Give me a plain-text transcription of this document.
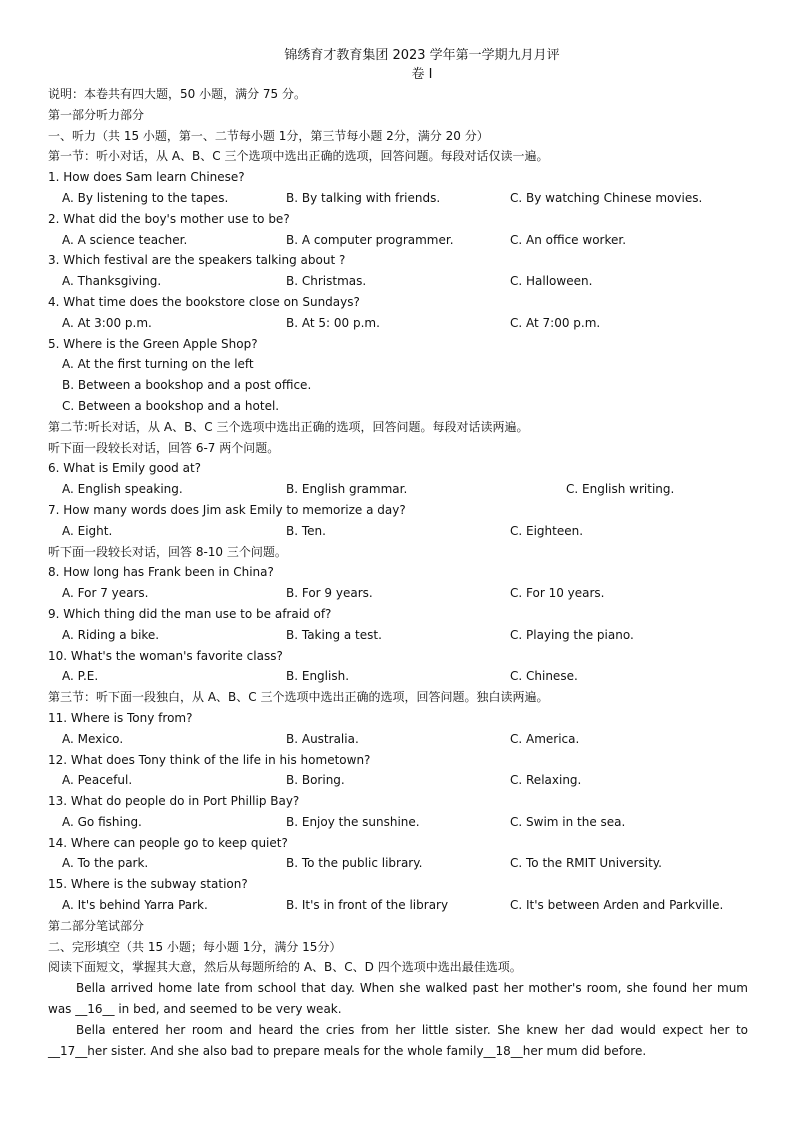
锦绣育才教育集团 2023 学年第一学期九月月评
卷 I
说明：本卷共有四大题，50 小题，满分 75 分。
第一部分听力部分
一、听力（共 15 小题，第一、二节每小题 1分，第三节每小题 2分，满分 20 分）
第一节：听小对话，从 A、B、C 三个选项中选出正确的选项，回答问题。每段对话仅读一遍。
1. How does Sam learn Chinese?
A. By listening to the tapes.	B. By talking with friends.	C. By watching Chinese movies.
2. What did the boy's mother use to be?
A. A science teacher.	B. A computer programmer.	C. An office worker.
3. Which festival are the speakers talking about ?
A. Thanksgiving.	B. Christmas.	C. Halloween.
4. What time does the bookstore close on Sundays?
A. At 3:00 p.m.	B. At 5: 00 p.m.	C. At 7:00 p.m.
5. Where is the Green Apple Shop?
A. At the first turning on the left
B. Between a bookshop and a post office.
C. Between a bookshop and a hotel.
第二节:听长对话，从 A、B、C 三个选项中选出正确的选项，回答问题。每段对话读两遍。
听下面一段较长对话，回答 6-7 两个问题。
6. What is Emily good at?
A. English speaking.	B. English grammar.	C. English writing.
7. How many words does Jim ask Emily to memorize a day?
A. Eight.	B. Ten.	C. Eighteen.
听下面一段较长对话，回答 8-10 三个问题。
8. How long has Frank been in China?
A. For 7 years.	B. For 9 years.	C. For 10 years.
9. Which thing did the man use to be afraid of?
A. Riding a bike.	B. Taking a test.	C. Playing the piano.
10. What's the woman's favorite class?
A. P.E.	B. English.	C. Chinese.
第三节：听下面一段独白，从 A、B、C 三个选项中选出正确的选项，回答问题。独白读两遍。
11. Where is Tony from?
A. Mexico.	B. Australia.	C. America.
12. What does Tony think of the life in his hometown?
A. Peaceful.	B. Boring.	C. Relaxing.
13. What do people do in Port Phillip Bay?
A. Go fishing.	B. Enjoy the sunshine.	C. Swim in the sea.
14. Where can people go to keep quiet?
A. To the park.	B. To the public library.	C. To the RMIT University.
15. Where is the subway station?
A. It's behind Yarra Park.	B. It's in front of the library	C. It's between Arden and Parkville.
第二部分笔试部分
二、完形填空（共 15 小题；每小题 1分，满分 15分）
阅读下面短文，掌握其大意，然后从每题所给的 A、B、C、D 四个选项中选出最佳选项。
Bella arrived home late from school that day. When she walked past her mother's room, she found her mum was __16__ in bed, and seemed to be very weak.
Bella entered her room and heard the cries from her little sister. She knew her dad would expect her to __17__her sister. And she also bad to prepare meals for the whole family__18__her mum did before.
